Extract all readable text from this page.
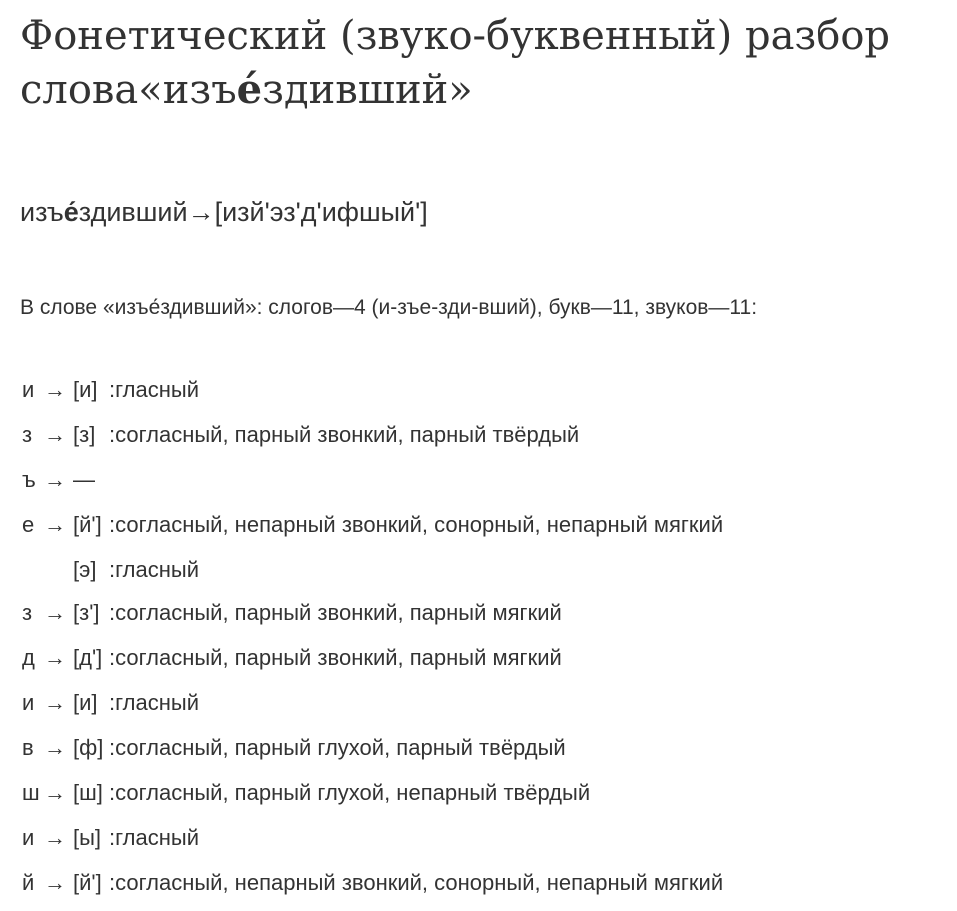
Фонетический (звуко-буквенный) разбор слова«изъе́здивший»
изъе́здивший→[изй'эз'д'ифшый']
В слове «изъе́здивший»: слогов—4 (и-зъе-зди-вший), букв—11, звуков—11:
и → [и] :гласный
з → [з] :согласный, парный звонкий, парный твёрдый
ъ → —
е → [й'] :согласный, непарный звонкий, сонорный, непарный мягкий
[э] :гласный
з → [з'] :согласный, парный звонкий, парный мягкий
д → [д'] :согласный, парный звонкий, парный мягкий
и → [и] :гласный
в → [ф] :согласный, парный глухой, парный твёрдый
ш → [ш] :согласный, парный глухой, непарный твёрдый
и → [ы] :гласный
й → [й'] :согласный, непарный звонкий, сонорный, непарный мягкий
